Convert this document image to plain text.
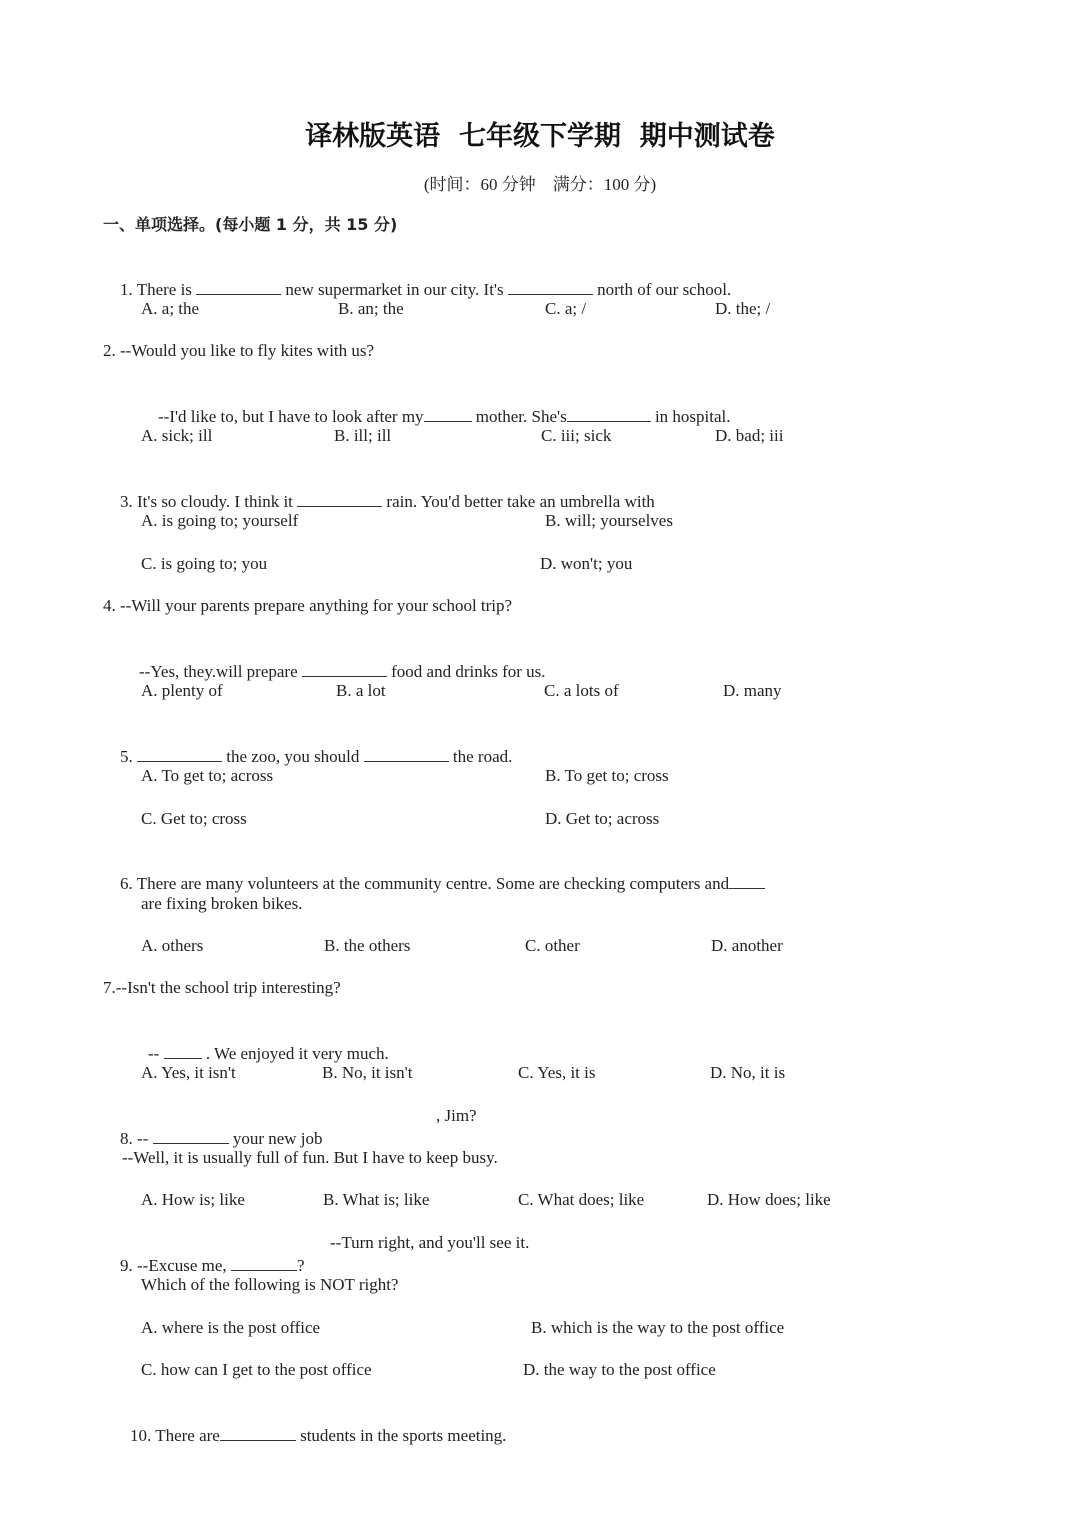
译林版英语  七年级下学期  期中测试卷
(时间：60 分钟    满分：100 分)
一、单项选择。(每小题 1 分，共 15 分)

1. There is	new supermarket in our city. It's	north of our school.

A. a; the	B. an; the	C. a; /	D. the; /
2. --Would you like to fly kites with us?

--I'd like to, but I have to look after my	mother. She's	in hospital.

A. sick; ill	B. ill; ill	C. iii; sick	D. bad; iii

3. It's so cloudy. I think it	rain. You'd better take an umbrella with

A. is going to; yourself	B. will; yourselves
C. is going to; you	D. won't; you
4. --Will your parents prepare anything for your school trip?

--Yes, they.will prepare	food and drinks for us.

A. plenty of	B. a lot	C. a lots of	D. many

5.	the zoo, you should	the road.

A. To get to; across	B. To get to; cross
C. Get to; cross	D. Get to; across

6. There are many volunteers at the community centre. Some are checking computers and

are fixing broken bikes.
A. others	B. the others	C. other	D. another
7.--Isn't the school trip interesting?

--  . We enjoyed it very much.

A. Yes, it isn't	B. No, it isn't	C. Yes, it is	D. No, it is

8. --	your new job

, Jim?
--Well, it is usually full of fun. But I have to keep busy.
A. How is; like	B. What is; like	C. What does; like	D. How does; like

9. --Excuse me,	?

--Turn right, and you'll see it.
Which of the following is NOT right?
A. where is the post office	B. which is the way to the post office
C. how can I get to the post office	D. the way to the post office

10. There are	students in the sports meeting.
